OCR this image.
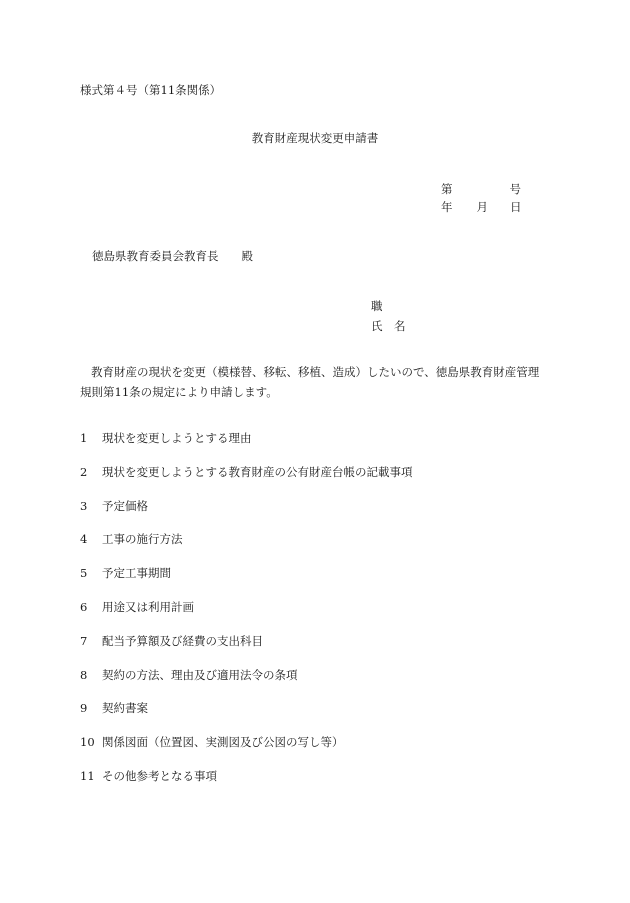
様式第４号（第11条関係）
教育財産現状変更申請書
第	号
年 月 日
徳島県教育委員会教育長　　殿
職
氏　名
教育財産の現状を変更（模様替、移転、移植、造成）したいので、徳島県教育財産管理規則第11条の規定により申請します。
1 現状を変更しようとする理由
2 現状を変更しようとする教育財産の公有財産台帳の記載事項
3 予定価格
4 工事の施行方法
5 予定工事期間
6 用途又は利用計画
7 配当予算額及び経費の支出科目
8 契約の方法、理由及び適用法令の条項
9 契約書案
10 関係図面（位置図、実測図及び公図の写し等）
11 その他参考となる事項
